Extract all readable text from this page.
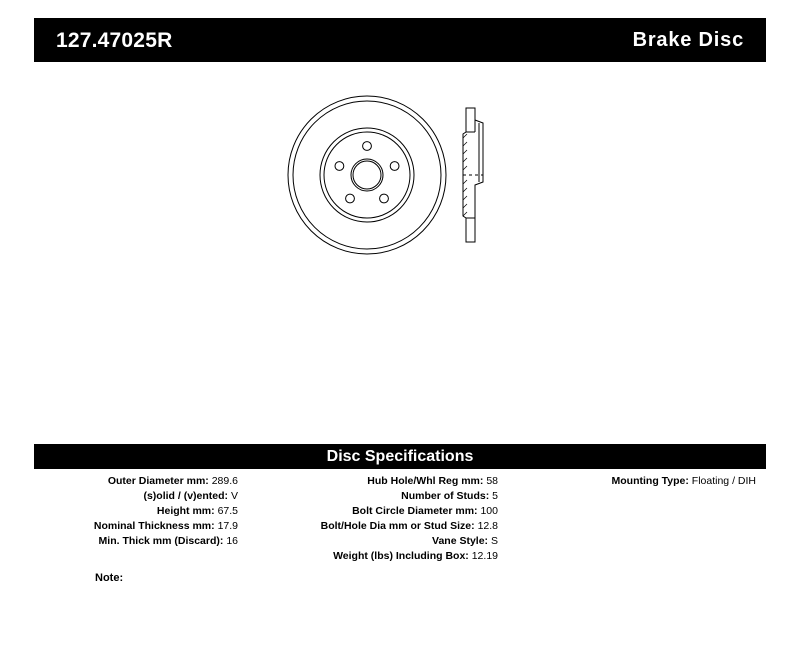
127.47025R	Brake Disc
Disc Specifications
Outer Diameter mm: 289.6
(s)olid / (v)ented: V
Height mm: 67.5
Nominal Thickness mm: 17.9
Min. Thick mm (Discard): 16
Hub Hole/Whl Reg mm: 58
Number of Studs: 5
Bolt Circle Diameter mm: 100
Bolt/Hole Dia mm or Stud Size: 12.8
Vane Style: S
Weight (lbs) Including Box: 12.19
Mounting Type: Floating / DIH
Note:
